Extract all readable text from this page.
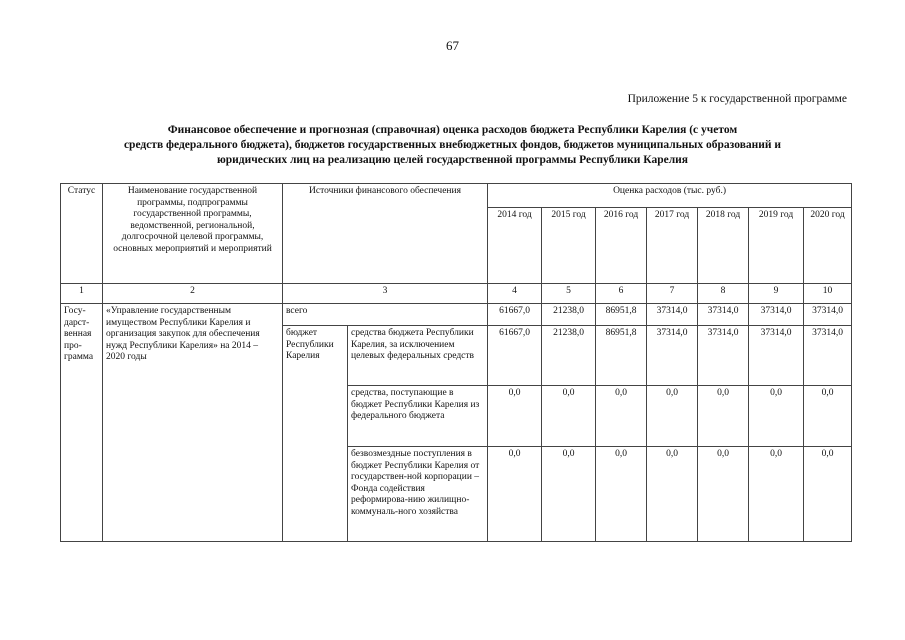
67
Приложение 5 к государственной программе
Финансовое обеспечение и прогнозная (справочная) оценка расходов бюджета Республики Карелия (с учетом
средств федерального бюджета), бюджетов государственных внебюджетных фондов, бюджетов муниципальных образований и
юридических лиц на реализацию целей государственной программы Республики Карелия
Статус	Наименование государственной программы, подпрограммы государственной программы, ведомственной, региональной, долгосрочной целевой программы, основных мероприятий и мероприятий	Источники финансового обеспечения		Оценка расходов (тыс. руб.)						
				2014 год	2015 год	2016 год	2017 год	2018 год	2019 год	2020 год
1	2	3		4	5	6	7	8	9	10
Госу-дарст-венная про-грамма	«Управление государственным имуществом Республики Карелия и организация закупок для обеспечения нужд Республики Карелия» на 2014 – 2020 годы	всего		61667,0	21238,0	86951,8	37314,0	37314,0	37314,0	37314,0
		бюджет Республики Карелия	средства бюджета Республики Карелия, за исключением целевых федеральных средств	61667,0	21238,0	86951,8	37314,0	37314,0	37314,0	37314,0
			средства, поступающие в бюджет Республики Карелия из федерального бюджета	0,0	0,0	0,0	0,0	0,0	0,0	0,0
			безвозмездные поступления в бюджет Республики Карелия от государствен-ной корпорации – Фонда содействия реформирова-нию жилищно-коммуналь-ного хозяйства	0,0	0,0	0,0	0,0	0,0	0,0	0,0
